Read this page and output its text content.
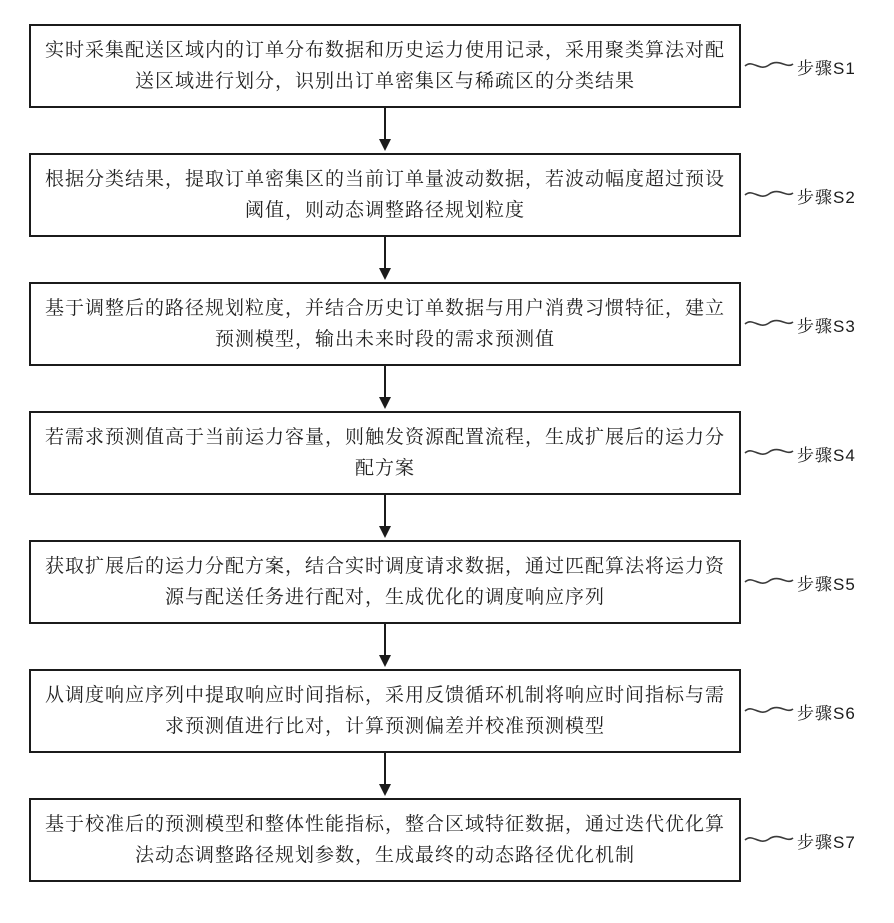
实时采集配送区域内的订单分布数据和历史运力使用记录，采用聚类算法对配送区域进行划分，识别出订单密集区与稀疏区的分类结果
步骤S1
根据分类结果，提取订单密集区的当前订单量波动数据，若波动幅度超过预设阈值，则动态调整路径规划粒度
步骤S2
基于调整后的路径规划粒度，并结合历史订单数据与用户消费习惯特征，建立预测模型，输出未来时段的需求预测值
步骤S3
若需求预测值高于当前运力容量，则触发资源配置流程，生成扩展后的运力分配方案
步骤S4
获取扩展后的运力分配方案，结合实时调度请求数据，通过匹配算法将运力资源与配送任务进行配对，生成优化的调度响应序列
步骤S5
从调度响应序列中提取响应时间指标，采用反馈循环机制将响应时间指标与需求预测值进行比对，计算预测偏差并校准预测模型
步骤S6
基于校准后的预测模型和整体性能指标，整合区域特征数据，通过迭代优化算法动态调整路径规划参数，生成最终的动态路径优化机制
步骤S7
